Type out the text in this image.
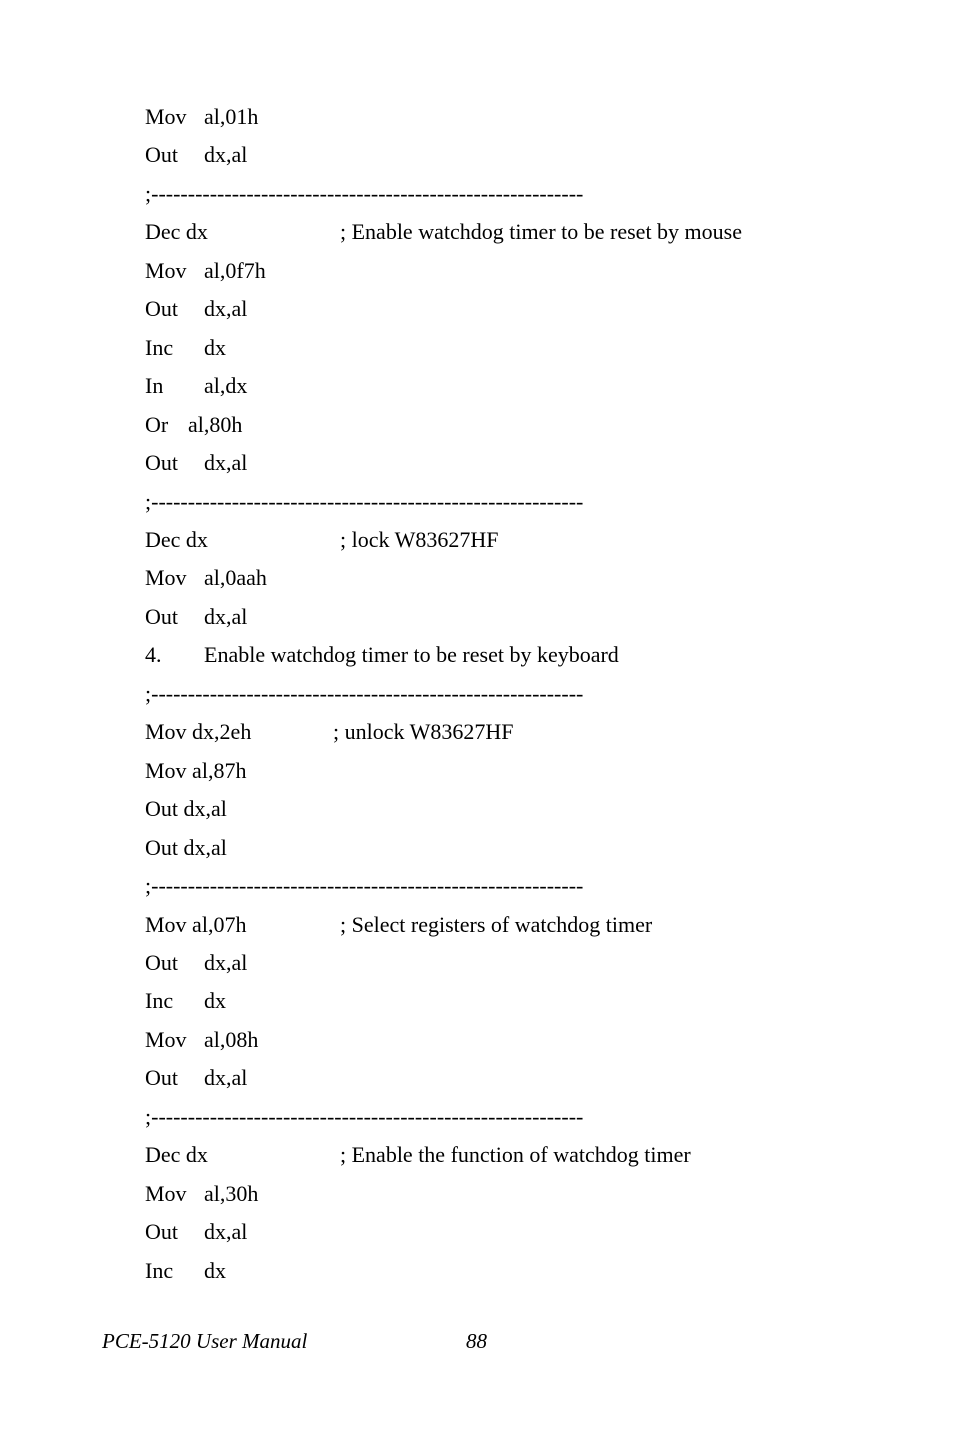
Mov al,01h
Out dx,al
;-----------------------------------------------------------
Dec dx	; Enable watchdog timer to be reset by mouse
Mov al,0f7h
Out dx,al
Inc dx
In al,dx
Or al,80h
Out dx,al
;-----------------------------------------------------------
Dec dx	; lock W83627HF
Mov al,0aah
Out dx,al
4. Enable watchdog timer to be reset by keyboard
;-----------------------------------------------------------
Mov dx,2eh	; unlock W83627HF
Mov al,87h
Out dx,al
Out dx,al
;-----------------------------------------------------------
Mov al,07h	; Select registers of watchdog timer
Out dx,al
Inc dx
Mov al,08h
Out dx,al
;-----------------------------------------------------------
Dec dx	; Enable the function of watchdog timer
Mov al,30h
Out dx,al
Inc dx
PCE-5120 User Manual	88
